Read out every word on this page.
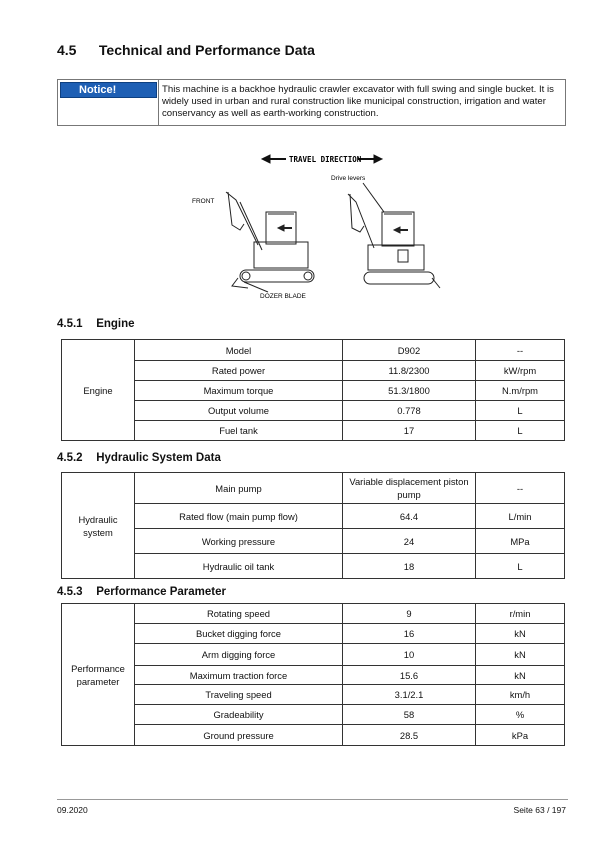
4.5 Technical and Performance Data
Notice!	This machine is a backhoe hydraulic crawler excavator with full swing and single bucket. It is widely used in urban and rural construction like municipal construction, irrigation and water conservancy as well as earth-working construction.
TRAVEL DIRECTION
Drive levers
FRONT
DOZER BLADE
4.5.1 Engine
Engine	Model	D902	--
	Rated power	11.8/2300	kW/rpm
	Maximum torque	51.3/1800	N.m/rpm
	Output volume	0.778	L
	Fuel tank	17	L
4.5.2 Hydraulic System Data
Hydraulic system	Main pump	Variable displacement piston pump	--
	Rated flow (main pump flow)	64.4	L/min
	Working pressure	24	MPa
	Hydraulic oil tank	18	L
4.5.3 Performance Parameter
Performance parameter	Rotating speed	9	r/min
	Bucket digging force	16	kN
	Arm digging force	10	kN
	Maximum traction force	15.6	kN
	Traveling speed	3.1/2.1	km/h
	Gradeability	58	%
	Ground pressure	28.5	kPa
09.2020	Seite 63 / 197
